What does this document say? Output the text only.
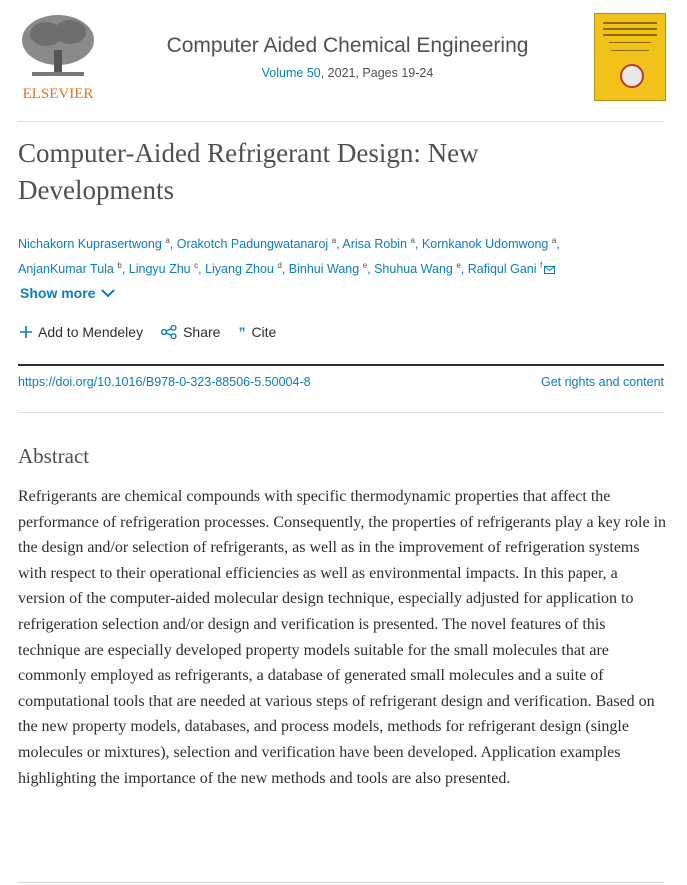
ELSEVIER
Computer Aided Chemical Engineering
Volume 50, 2021, Pages 19-24
Computer-Aided Refrigerant Design: New Developments
Nichakorn Kuprasertwong $^a$, Orakotch Padungwatanaroj $^a$, Arisa Robin $^a$, Kornkanok Udomwong $^a$, AnjanKumar Tula $^b$, Lingyu Zhu $^c$, Liyang Zhou $^d$, Binhui Wang $^e$, Shuhua Wang $^e$, Rafiqul Gani $^f$
Show more
Add to Mendeley	Share ” Cite
https://doi.org/10.1016/B978-0-323-88506-5.50004-8	Get rights and content
Abstract

Refrigerants are chemical compounds with specific thermodynamic properties that affect the performance of refrigeration processes. Consequently, the properties of refrigerants play a key role in the design and/or selection of refrigerants, as well as in the improvement of refrigeration systems with respect to their operational efficiencies as well as environmental impacts. In this paper, a version of the computer-aided molecular design technique, especially adjusted for application to refrigeration selection and/or design and verification is presented. The novel features of this technique are especially developed property models suitable for the small molecules that are commonly employed as refrigerants, a database of generated small molecules and a suite of computational tools that are needed at various steps of refrigerant design and verification. Based on the new property models, databases, and process models, methods for refrigerant design (single molecules or mixtures), selection and verification have been developed. Application examples highlighting the importance of the new methods and tools are also presented.
